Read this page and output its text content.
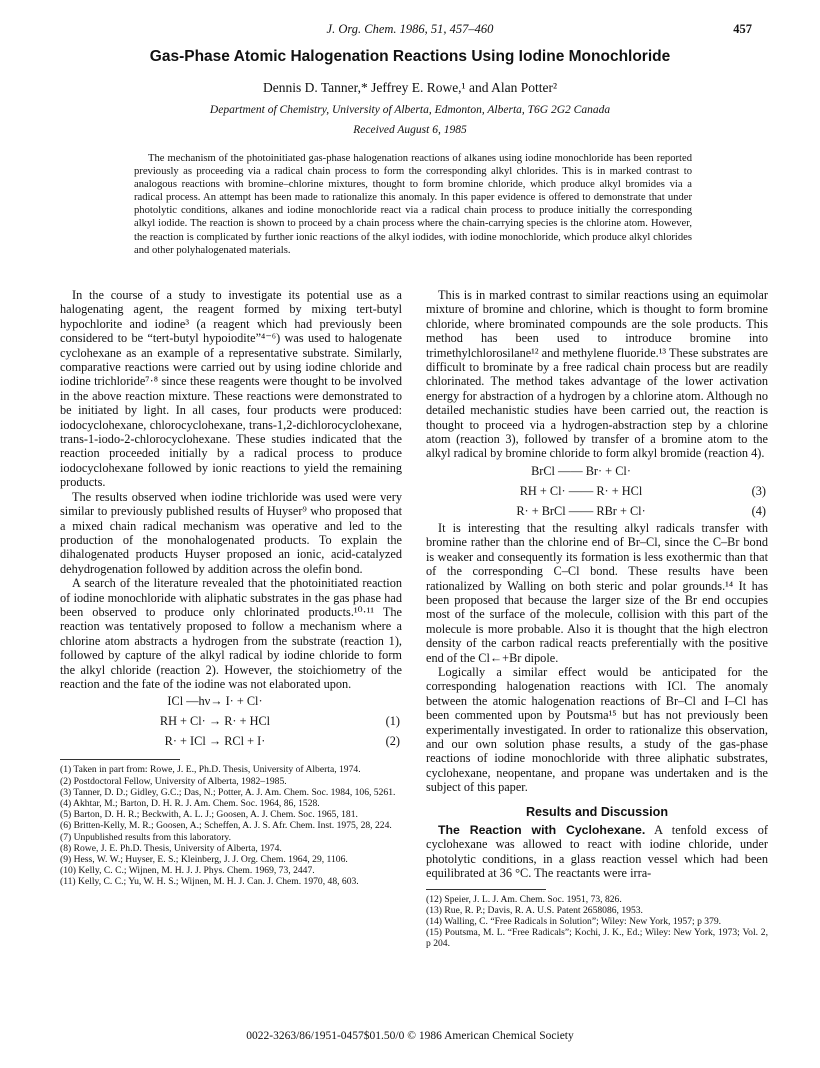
J. Org. Chem. 1986, 51, 457–460	457
Gas-Phase Atomic Halogenation Reactions Using Iodine Monochloride
Dennis D. Tanner,* Jeffrey E. Rowe,¹ and Alan Potter²
Department of Chemistry, University of Alberta, Edmonton, Alberta, T6G 2G2 Canada
Received August 6, 1985
The mechanism of the photoinitiated gas-phase halogenation reactions of alkanes using iodine monochloride has been reported previously as proceeding via a radical chain process to form the corresponding alkyl chlorides. This is in marked contrast to analogous reactions with bromine–chlorine mixtures, thought to form bromine chloride, which produce alkyl bromides via a radical process. An attempt has been made to rationalize this anomaly. In this paper evidence is offered to demonstrate that under photolytic conditions, alkanes and iodine monochloride react via a radical chain process to produce initially the corresponding alkyl iodide. The reaction is shown to proceed by a chain process where the chain-carrying species is the chlorine atom. However, the reaction is complicated by further ionic reactions of the alkyl iodides, with iodine monochloride, which produce alkyl chlorides and other polyhalogenated materials.

In the course of a study to investigate its potential use as a halogenating agent, the reagent formed by mixing tert-butyl hypochlorite and iodine³ (a reagent which had previously been considered to be “tert-butyl hypoiodite”⁴⁻⁶) was used to halogenate cyclohexane as an example of a representative substrate. Similarly, comparative reactions were carried out by using iodine chloride and iodine trichloride⁷·⁸ since these reagents were thought to be involved in the above reaction mixture. These reactions were demonstrated to be initiated by light. In all cases, four products were produced: iodocyclohexane, chlorocyclohexane, trans-1,2-dichlorocyclohexane, trans-1-iodo-2-chlorocyclohexane. These studies indicated that the reaction proceeded initially by a radical process to produce iodocyclohexane followed by ionic reactions to yield the remaining products.

The results observed when iodine trichloride was used were very similar to previously published results of Huyser⁹ who proposed that a mixed chain radical mechanism was operative and led to the production of the monohalogenated products. To explain the dihalogenated products Huyser proposed an ionic, acid-catalyzed dehydrogenation followed by addition across the olefin bond.

A search of the literature revealed that the photoinitiated reaction of iodine monochloride with aliphatic substrates in the gas phase had been observed to produce only chlorinated products.¹⁰·¹¹ The reaction was tentatively proposed to follow a mechanism where a chlorine atom abstracts a hydrogen from the substrate (reaction 1), followed by capture of the alkyl radical by iodine chloride to form the alkyl chloride (reaction 2). However, the stoichiometry of the reaction and the fate of the iodine was not elaborated upon.

ICl —hν→ I· + Cl·
RH + Cl· → R· + HCl	(1)
R· + ICl → RCl + I·	(2)
(1) Taken in part from: Rowe, J. E., Ph.D. Thesis, University of Alberta, 1974.
(2) Postdoctoral Fellow, University of Alberta, 1982–1985.
(3) Tanner, D. D.; Gidley, G.C.; Das, N.; Potter, A. J. Am. Chem. Soc. 1984, 106, 5261.
(4) Akhtar, M.; Barton, D. H. R. J. Am. Chem. Soc. 1964, 86, 1528.
(5) Barton, D. H. R.; Beckwith, A. L. J.; Goosen, A. J. Chem. Soc. 1965, 181.
(6) Britten-Kelly, M. R.; Goosen, A.; Scheffen, A. J. S. Afr. Chem. Inst. 1975, 28, 224.
(7) Unpublished results from this laboratory.
(8) Rowe, J. E. Ph.D. Thesis, University of Alberta, 1974.
(9) Hess, W. W.; Huyser, E. S.; Kleinberg, J. J. Org. Chem. 1964, 29, 1106.
(10) Kelly, C. C.; Wijnen, M. H. J. J. Phys. Chem. 1969, 73, 2447.
(11) Kelly, C. C.; Yu, W. H. S.; Wijnen, M. H. J. Can. J. Chem. 1970, 48, 603.

This is in marked contrast to similar reactions using an equimolar mixture of bromine and chlorine, which is thought to form bromine chloride, where brominated compounds are the sole products. This method has been used to introduce bromine into trimethylchlorosilane¹² and methylene fluoride.¹³ These substrates are difficult to brominate by a free radical chain process but are readily chlorinated. The method takes advantage of the lower activation energy for abstraction of a hydrogen by a chlorine atom. Although no detailed mechanistic studies have been carried out, the reaction is thought to proceed via a hydrogen-abstraction step by a chlorine atom (reaction 3), followed by transfer of a bromine atom to the alkyl radical by bromine chloride to form alkyl bromide (reaction 4).

BrCl —— Br· + Cl·
RH + Cl· —— R· + HCl	(3)
R· + BrCl —— RBr + Cl·	(4)

It is interesting that the resulting alkyl radicals transfer with bromine rather than the chlorine end of Br–Cl, since the C–Br bond is weaker and consequently its formation is less exothermic than that of the corresponding C–Cl bond. These results have been rationalized by Walling on both steric and polar grounds.¹⁴ It has been proposed that because the larger size of the Br end occupies most of the surface of the molecule, collision with this part of the molecule is more probable. Also it is thought that the high electron density of the carbon radical reacts preferentially with the positive end of the Cl←+Br dipole.

Logically a similar effect would be anticipated for the corresponding halogenation reactions with ICl. The anomaly between the atomic halogenation reactions of Br–Cl and I–Cl has been commented upon by Poutsma¹⁵ but has not previously been experimentally investigated. In order to rationalize this observation, and our own solution phase results, a study of the gas-phase reactions of iodine monochloride with three aliphatic substrates, cyclohexane, neopentane, and propane was undertaken and is the subject of this paper.

Results and Discussion

The Reaction with Cyclohexane. A tenfold excess of cyclohexane was allowed to react with iodine chloride, under photolytic conditions, in a glass reaction vessel which had been equilibrated at 36 °C. The reactants were irra-

(12) Speier, J. L. J. Am. Chem. Soc. 1951, 73, 826.
(13) Rue, R. P.; Davis, R. A. U.S. Patent 2658086, 1953.
(14) Walling, C. “Free Radicals in Solution”; Wiley: New York, 1957; p 379.
(15) Poutsma, M. L. “Free Radicals”; Kochi, J. K., Ed.; Wiley: New York, 1973; Vol. 2, p 204.
0022-3263/86/1951-0457$01.50/0 © 1986 American Chemical Society
